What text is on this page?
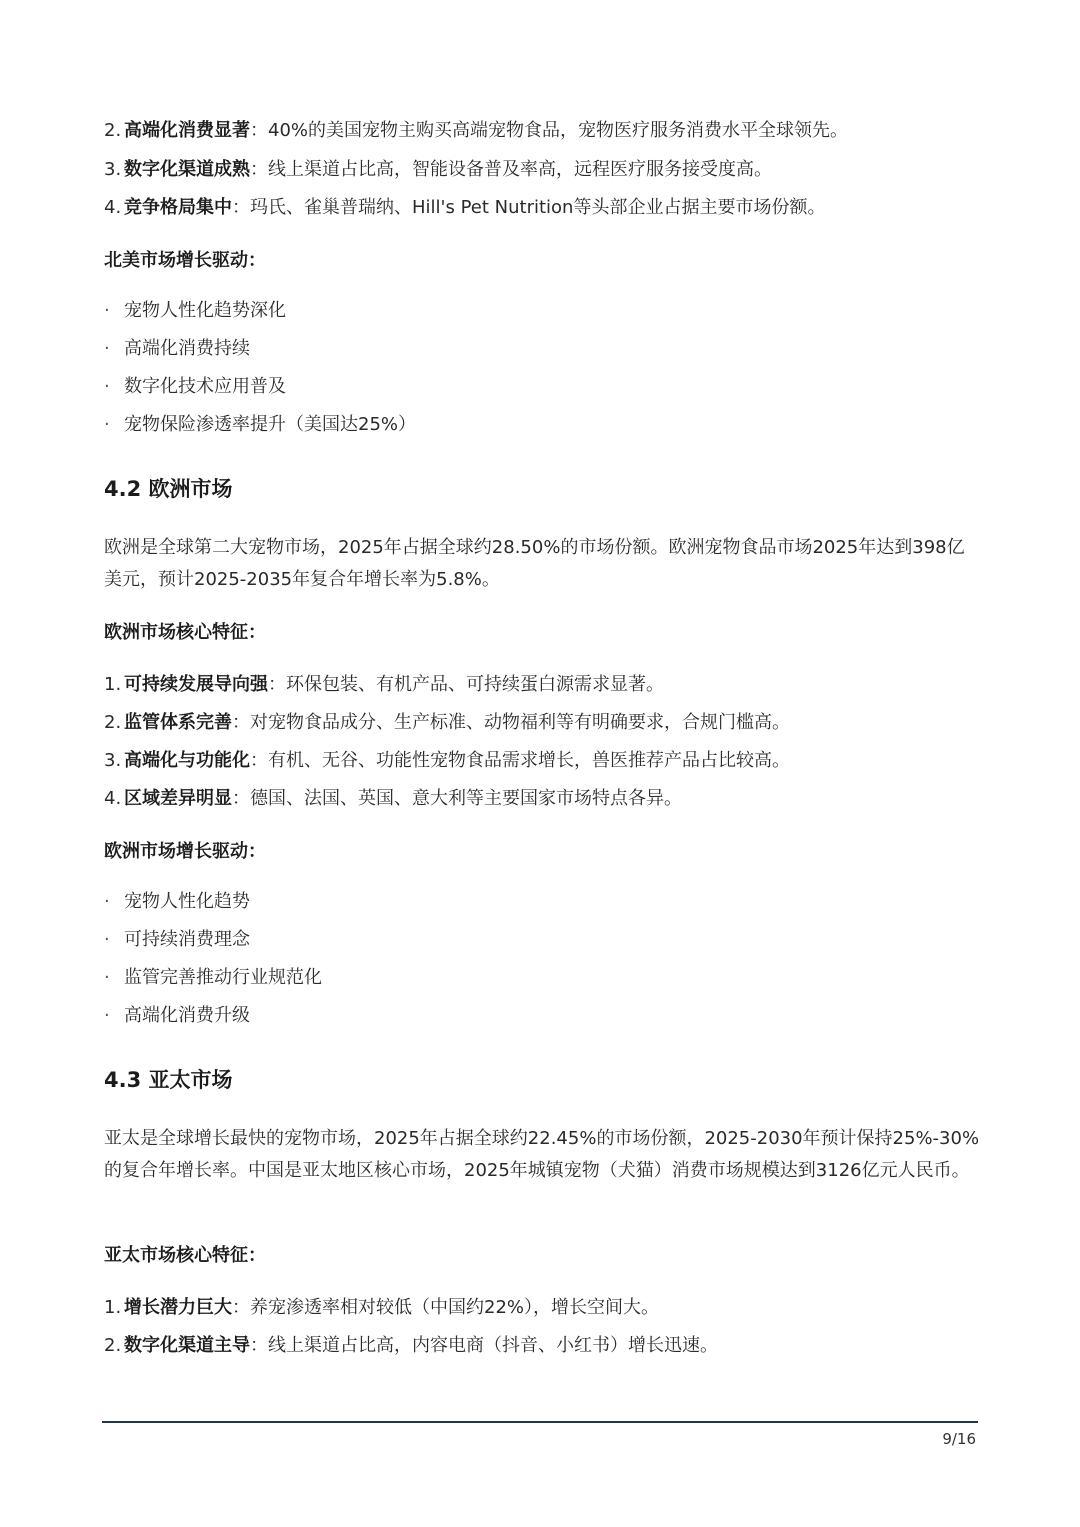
2. 高端化消费显著：40%的美国宠物主购买高端宠物食品，宠物医疗服务消费水平全球领先。
3. 数字化渠道成熟：线上渠道占比高，智能设备普及率高，远程医疗服务接受度高。
4. 竞争格局集中：玛氏、雀巢普瑞纳、Hill's Pet Nutrition等头部企业占据主要市场份额。
北美市场增长驱动：
· 宠物人性化趋势深化
· 高端化消费持续
· 数字化技术应用普及
· 宠物保险渗透率提升（美国达25%）
4.2 欧洲市场
欧洲是全球第二大宠物市场，2025年占据全球约28.50%的市场份额。欧洲宠物食品市场2025年达到398亿美元，预计2025-2035年复合年增长率为5.8%。
欧洲市场核心特征：
1. 可持续发展导向强：环保包装、有机产品、可持续蛋白源需求显著。
2. 监管体系完善：对宠物食品成分、生产标准、动物福利等有明确要求，合规门槛高。
3. 高端化与功能化：有机、无谷、功能性宠物食品需求增长，兽医推荐产品占比较高。
4. 区域差异明显：德国、法国、英国、意大利等主要国家市场特点各异。
欧洲市场增长驱动：
· 宠物人性化趋势
· 可持续消费理念
· 监管完善推动行业规范化
· 高端化消费升级
4.3 亚太市场
亚太是全球增长最快的宠物市场，2025年占据全球约22.45%的市场份额，2025-2030年预计保持25%-30%的复合年增长率。中国是亚太地区核心市场，2025年城镇宠物（犬猫）消费市场规模达到3126亿元人民币。
亚太市场核心特征：
1. 增长潜力巨大：养宠渗透率相对较低（中国约22%），增长空间大。
2. 数字化渠道主导：线上渠道占比高，内容电商（抖音、小红书）增长迅速。
9/16
